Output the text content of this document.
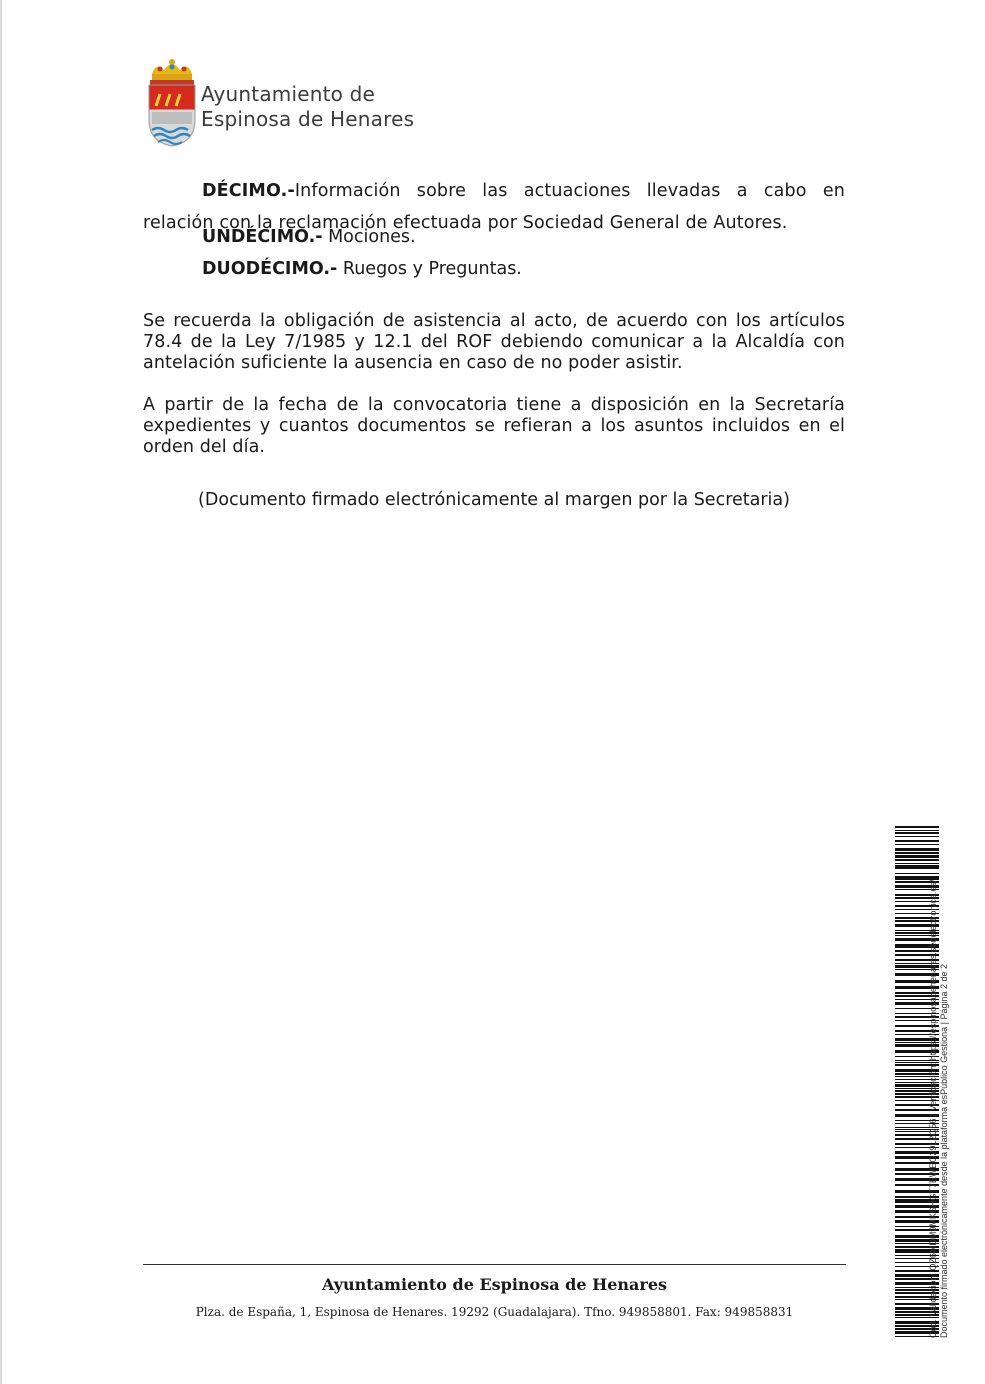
Ayuntamiento de
Espinosa de Henares

DÉCIMO.-Información sobre las actuaciones llevadas a cabo en relación con la reclamación efectuada por Sociedad General de Autores.

UNDÉCIMO.- Mociones.

DUODÉCIMO.- Ruegos y Preguntas.

Se recuerda la obligación de asistencia al acto, de acuerdo con los artículos 78.4 de la Ley 7/1985 y 12.1 del ROF debiendo comunicar a la Alcaldía con antelación suficiente la ausencia en caso de no poder asistir.

A partir de la fecha de la convocatoria tiene a disposición en la Secretaría expedientes y cuantos documentos se refieran a los asuntos incluidos en el orden del día.

(Documento firmado electrónicamente al margen por la Secretaria)

Cód. Validación: QZ6MDM9MKSHGT7EWEG29L2Q56 | Verificación: https://espinosadehenares.sedelectronica.es/ Documento firmado electrónicamente desde la plataforma esPublico Gestiona | Página 2 de 2
Ayuntamiento de Espinosa de Henares
Plza. de España, 1, Espinosa de Henares. 19292 (Guadalajara). Tfno. 949858801. Fax: 949858831
